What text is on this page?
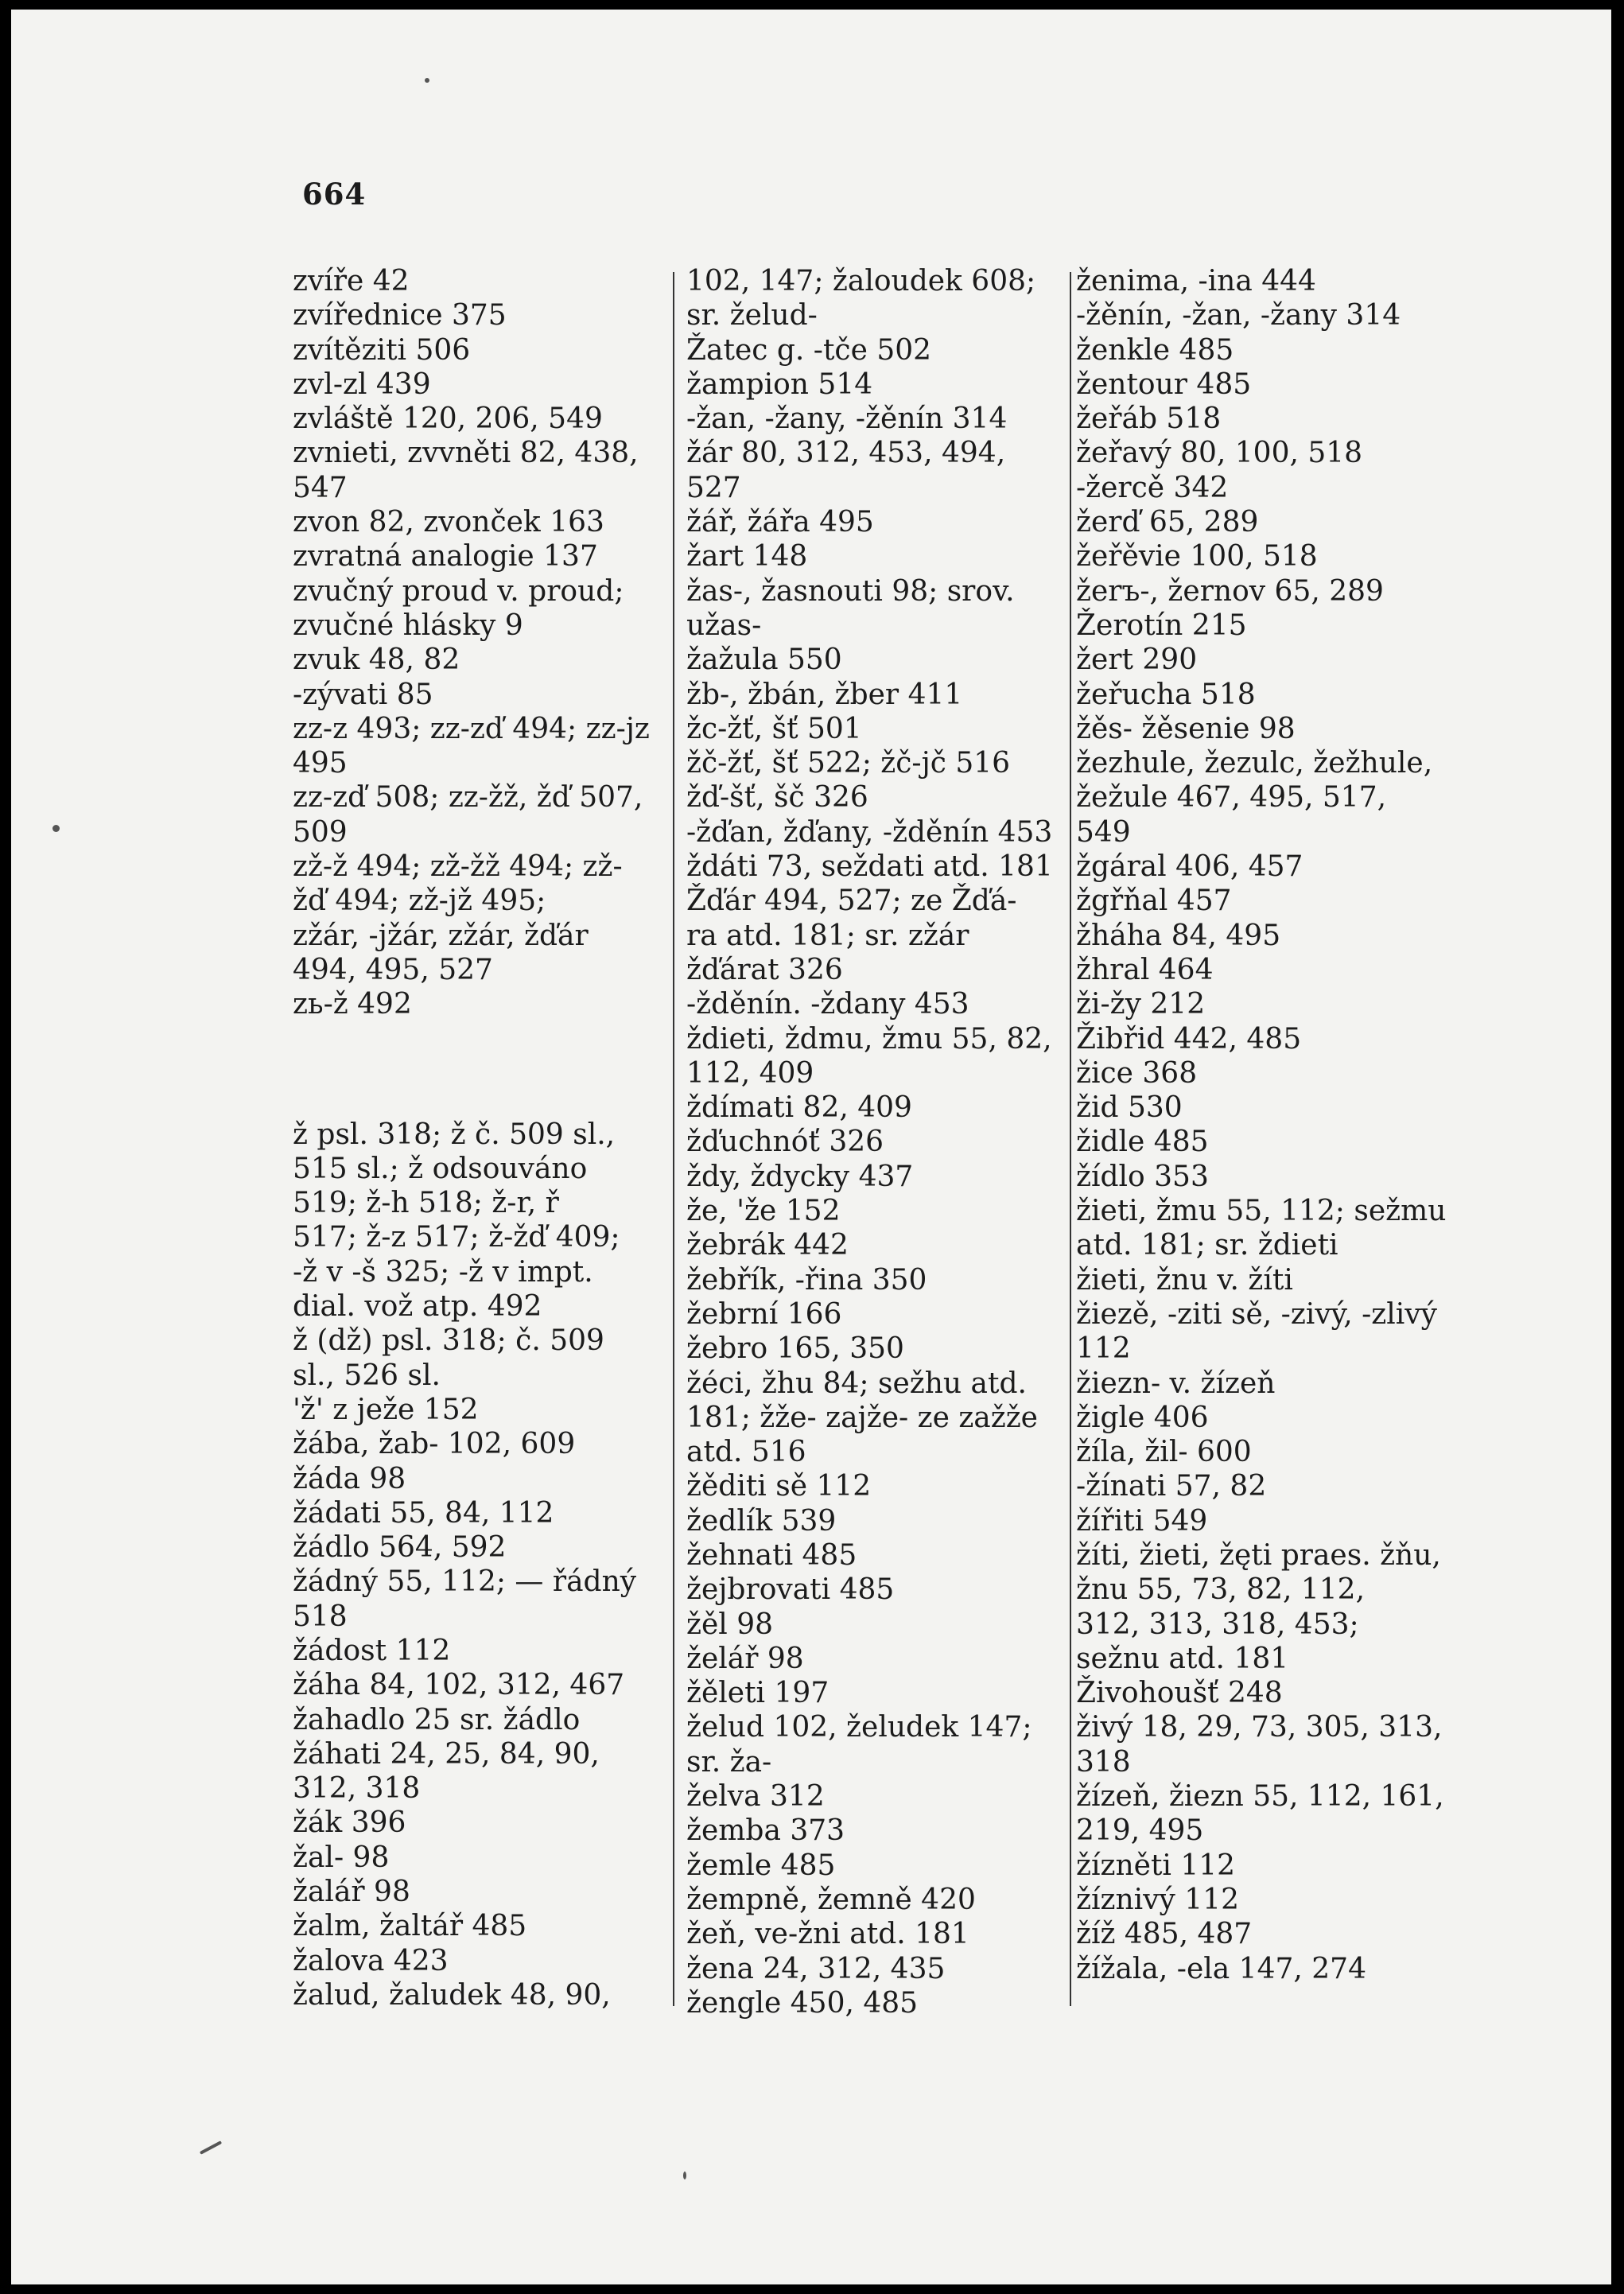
664
zvíře 42
zvířednice 375
zvítěziti 506
zvl-zl 439
zvláště 120, 206, 549
zvnieti, zvvněti 82, 438,
547
zvon 82, zvonček 163
zvratná analogie 137
zvučný proud v. proud;
zvučné hlásky 9
zvuk 48, 82
-zývati 85
zz-z 493; zz-zď 494; zz-jz
495
zz-zď 508; zz-žž, žď 507,
509
zž-ž 494; zž-žž 494; zž-
žď 494; zž-jž 495;
zžár, -jžár, zžár, žďár
494, 495, 527
zь-ž 492
ž psl. 318; ž č. 509 sl.,
515 sl.; ž odsouváno
519; ž-h 518; ž-r, ř
517; ž-z 517; ž-žď 409;
-ž v -š 325; -ž v impt.
dial. vož atp. 492
ž (dž) psl. 318; č. 509
sl., 526 sl.
'ž' z ježe 152
žába, žab- 102, 609
žáda 98
žádati 55, 84, 112
žádlo 564, 592
žádný 55, 112; — řádný
518
žádost 112
žáha 84, 102, 312, 467
žahadlo 25 sr. žádlo
žáhati 24, 25, 84, 90,
312, 318
žák 396
žal- 98
žalář 98
žalm, žaltář 485
žalova 423
žalud, žaludek 48, 90,
102, 147; žaloudek 608;
sr. želud-
Žatec g. -tče 502
žampion 514
-žan, -žany, -žěnín 314
žár 80, 312, 453, 494, 527
žář, žářa 495
žart 148
žas-, žasnouti 98; srov.
užas-
žažula 550
žb-, žbán, žber 411
žc-žť, šť 501
žč-žť, šť 522; žč-jč 516
žď-šť, šč 326
-žďan, žďany, -žděnín 453
ždáti 73, seždati atd. 181
Žďár 494, 527; ze Žďá-
ra atd. 181; sr. zžár
žďárat 326
-žděnín. -ždany 453
ždieti, ždmu, žmu 55, 82,
112, 409
ždímati 82, 409
žďuchnóť 326
ždy, ždycky 437
že, 'že 152
žebrák 442
žebřík, -řina 350
žebrní 166
žebro 165, 350
žéci, žhu 84; sežhu atd.
181; žže- zajže- ze zažže
atd. 516
žěditi sě 112
žedlík 539
žehnati 485
žejbrovati 485
žěl 98
želář 98
žěleti 197
želud 102, želudek 147;
sr. ža-
želva 312
žemba 373
žemle 485
žempně, žemně 420
žeň, ve-žni atd. 181
žena 24, 312, 435
žengle 450, 485
ženima, -ina 444
-žěnín, -žan, -žany 314
ženkle 485
žentour 485
žeřáb 518
žeřavý 80, 100, 518
-žercě 342
žerď 65, 289
žeřěvie 100, 518
žerъ-, žernov 65, 289
Žerotín 215
žert 290
žeřucha 518
žěs- žěsenie 98
žezhule, žezulc, žežhule,
žežule 467, 495, 517,
549
žgáral 406, 457
žgřňal 457
žháha 84, 495
žhral 464
ži-žy 212
Žibřid 442, 485
žice 368
žid 530
židle 485
žídlo 353
žieti, žmu 55, 112; sežmu
atd. 181; sr. ždieti
žieti, žnu v. žíti
žiezě, -ziti sě, -zivý, -zlivý
112
žiezn- v. žízeň
žigle 406
žíla, žil- 600
-žínati 57, 82
žířiti 549
žíti, žieti, žęti praes. žňu,
žnu 55, 73, 82, 112,
312, 313, 318, 453;
sežnu atd. 181
Živohoušť 248
živý 18, 29, 73, 305, 313,
318
žízeň, žiezn 55, 112, 161,
219, 495
žízněti 112
žíznivý 112
žíž 485, 487
žížala, -ela 147, 274
